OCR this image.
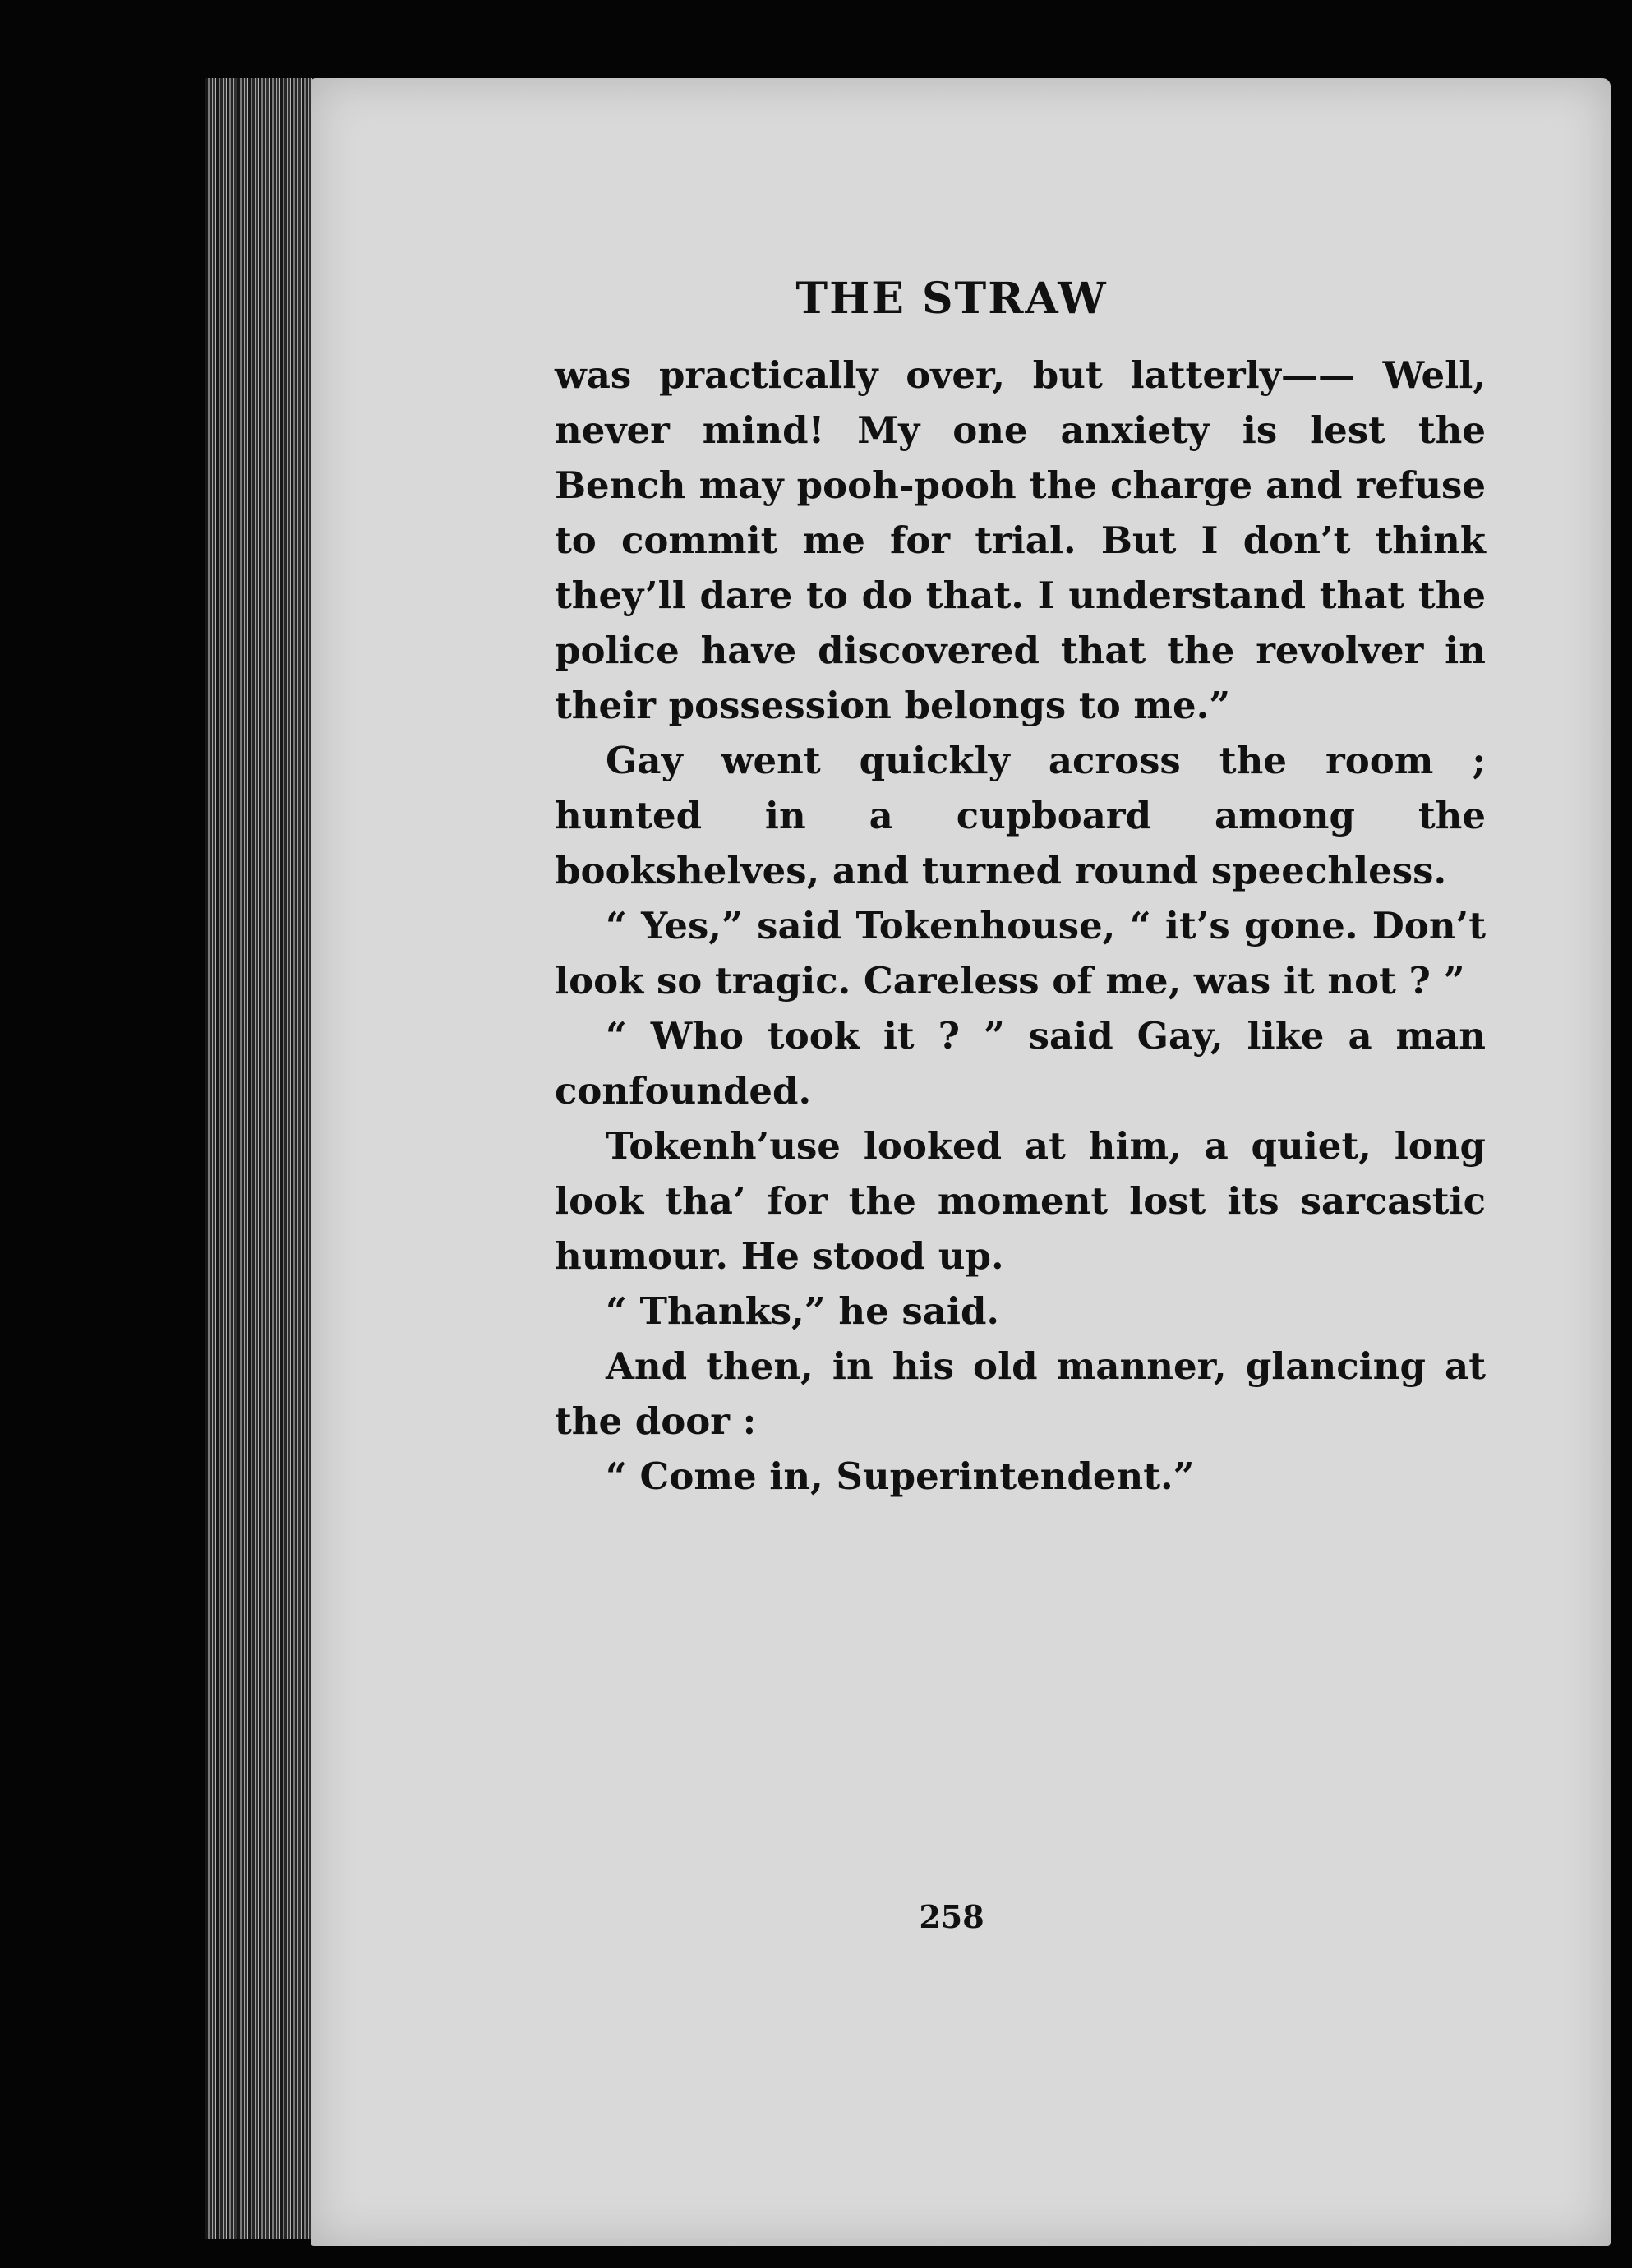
THE STRAW

was practically over, but latterly—— Well, never mind! My one anxiety is lest the Bench may pooh-pooh the charge and refuse to commit me for trial. But I don’t think they’ll dare to do that. I understand that the police have discovered that the revolver in their possession belongs to me.”

Gay went quickly across the room ; hunted in a cupboard among the bookshelves, and turned round speechless.

“ Yes,” said Tokenhouse, “ it’s gone. Don’t look so tragic. Careless of me, was it not ? ”

“ Who took it ? ” said Gay, like a man confounded.

Tokenh’use looked at him, a quiet, long look tha’ for the moment lost its sarcastic humour. He stood up.

“ Thanks,” he said.

And then, in his old manner, glancing at the door :

“ Come in, Superintendent.”

258
